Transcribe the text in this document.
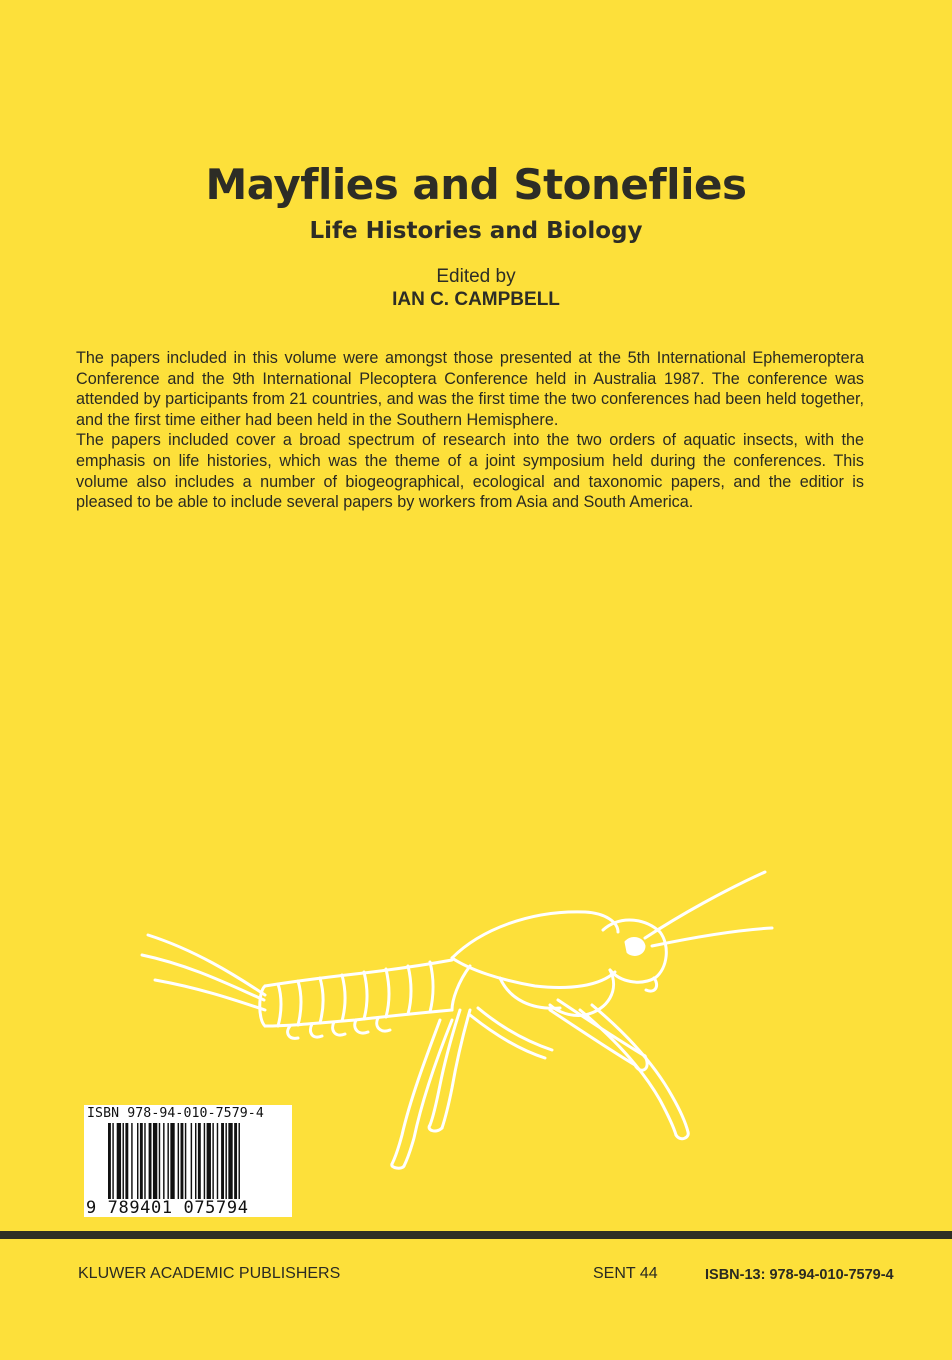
Mayflies and Stoneflies
Life Histories and Biology
Edited by
IAN C. CAMPBELL

The papers included in this volume were amongst those presented at the 5th International Ephemeroptera Conference and the 9th International Plecoptera Conference held in Australia 1987. The conference was attended by participants from 21 countries, and was the first time the two conferences had been held together, and the first time either had been held in the Southern Hemisphere.

The papers included cover a broad spectrum of research into the two orders of aquatic insects, with the emphasis on life histories, which was the theme of a joint symposium held during the conferences. This volume also includes a number of biogeographical, ecological and taxonomic papers, and the editior is pleased to be able to include several papers by workers from Asia and South America.

ISBN 978-94-010-7579-4
9 789401 075794
KLUWER ACADEMIC PUBLISHERS	SENT 44	ISBN-13: 978-94-010-7579-4
